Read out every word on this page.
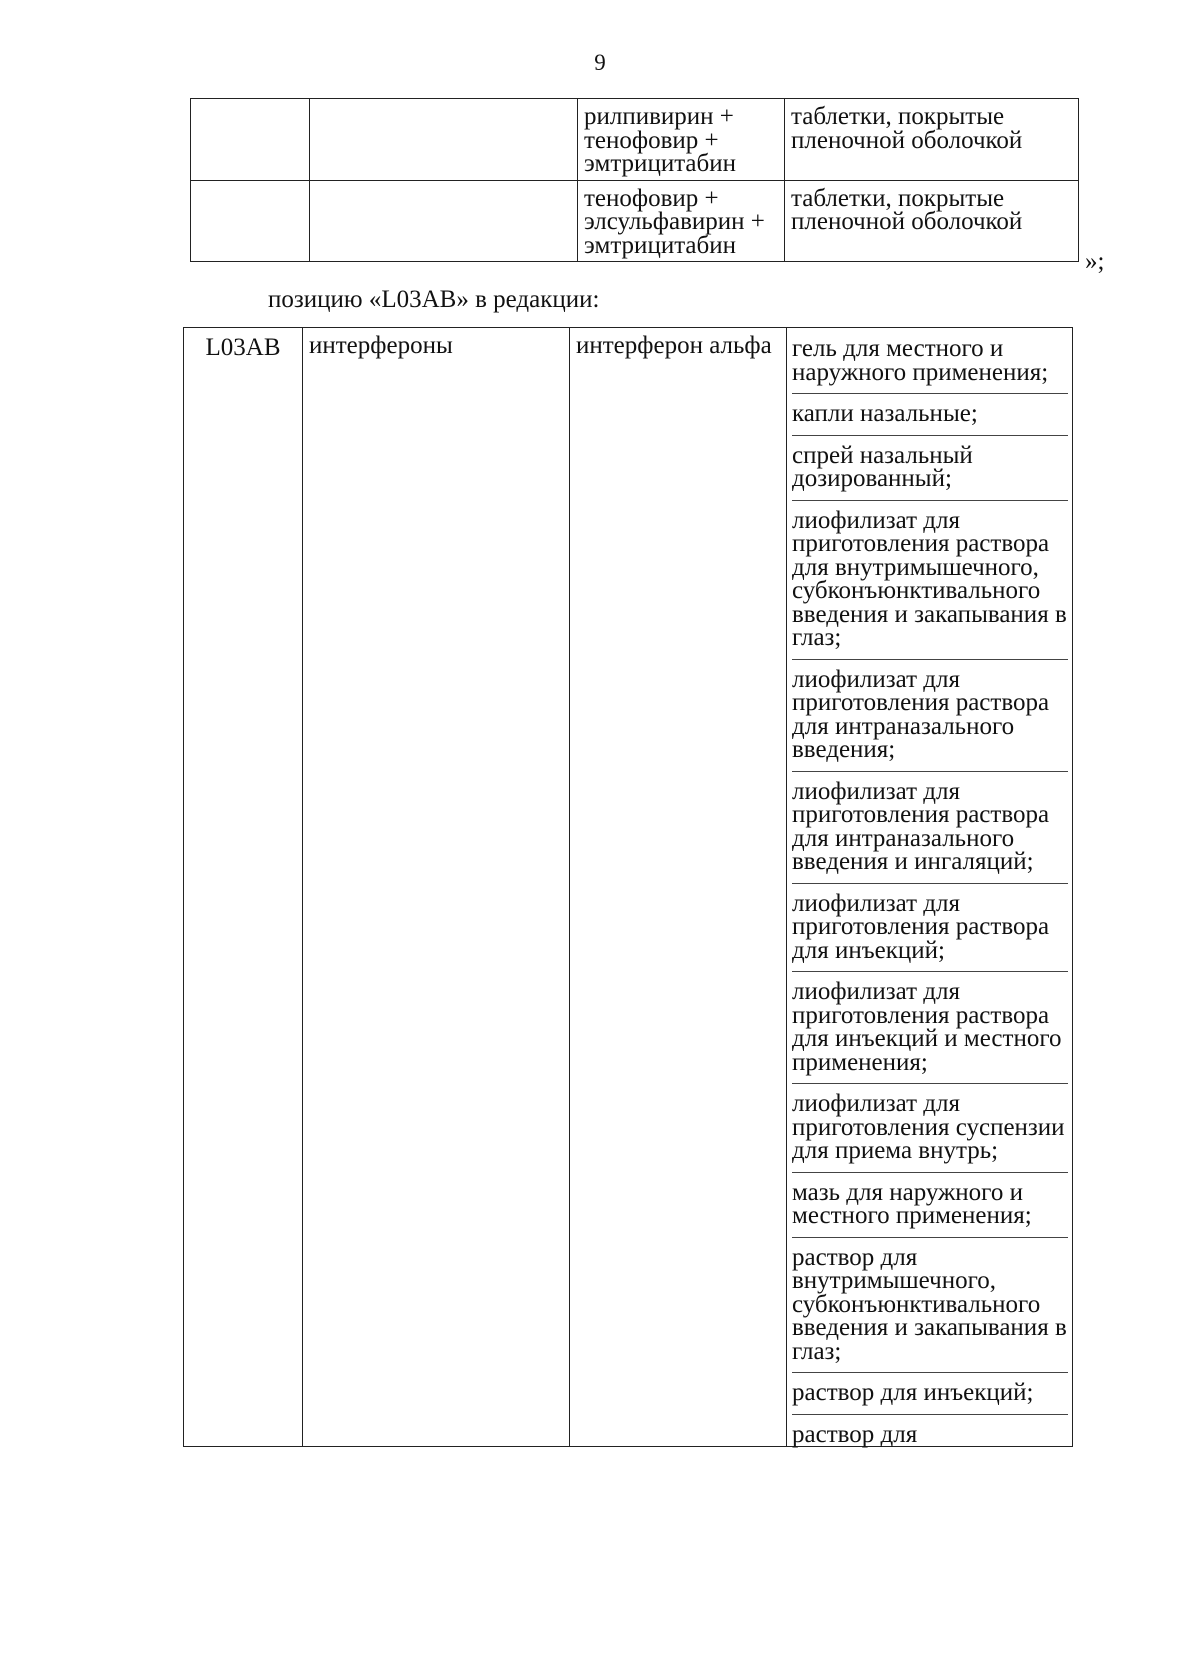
9

		рилпивирин + тенофовир + эмтрицитабин	таблетки, покрытые пленочной оболочкой

		тенофовир + элсульфавирин + эмтрицитабин	таблетки, покрытые пленочной оболочкой
»;
позицию «L03AB» в редакции:
L03AB	интерфероны	интерферон альфа	гель для местного и наружного применения;
капли назальные;
спрей назальный дозированный;
лиофилизат для приготовления раствора для внутримышечного, субконъюнктивального введения и закапывания в глаз;
лиофилизат для приготовления раствора для интраназального введения;
лиофилизат для приготовления раствора для интраназального введения и ингаляций;
лиофилизат для приготовления раствора для инъекций;
лиофилизат для приготовления раствора для инъекций и местного применения;
лиофилизат для приготовления суспензии для приема внутрь;
мазь для наружного и местного применения;
раствор для внутримышечного, субконъюнктивального введения и закапывания в глаз;
раствор для инъекций;
раствор для
